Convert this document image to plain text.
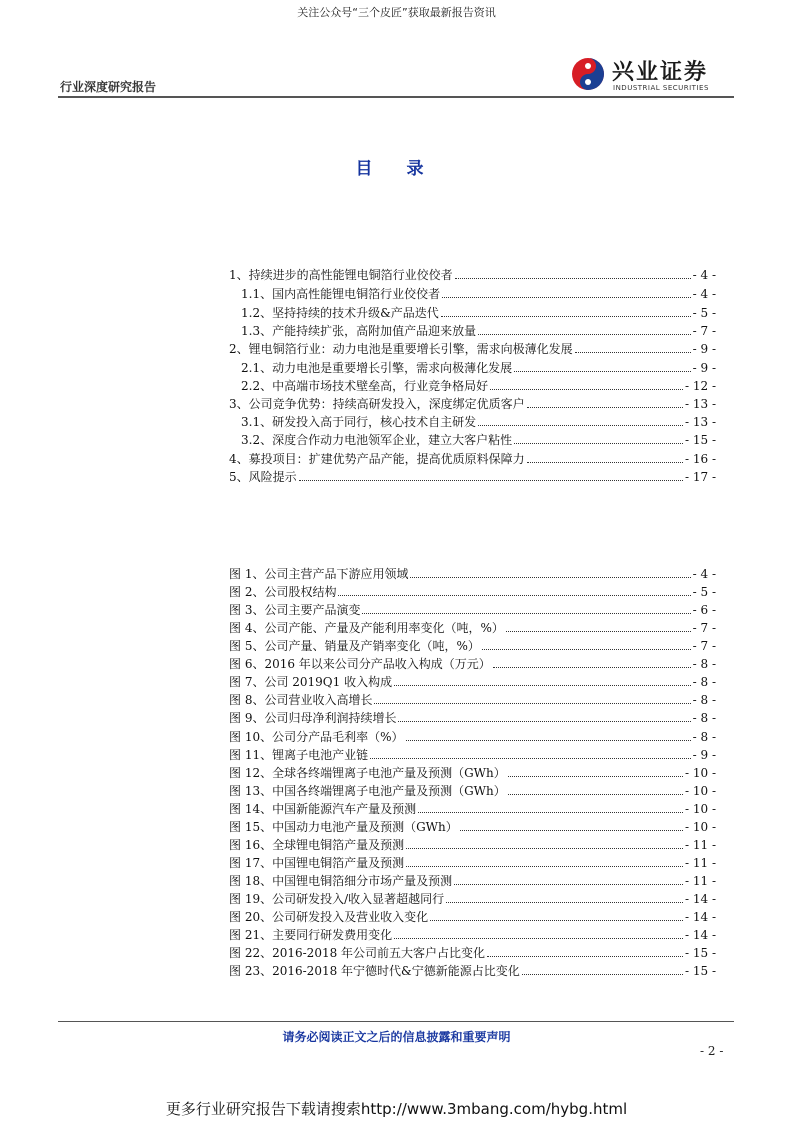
关注公众号“三个皮匠”获取最新报告资讯
行业深度研究报告
兴业证券
INDUSTRIAL SECURITIES
目 录
1、持续进步的高性能锂电铜箔行业佼佼者	- 4 -
1.1、国内高性能锂电铜箔行业佼佼者	- 4 -
1.2、坚持持续的技术升级&产品迭代	- 5 -
1.3、产能持续扩张，高附加值产品迎来放量	- 7 -
2、锂电铜箔行业：动力电池是重要增长引擎，需求向极薄化发展	- 9 -
2.1、动力电池是重要增长引擎，需求向极薄化发展	- 9 -
2.2、中高端市场技术壁垒高，行业竞争格局好	- 12 -
3、公司竞争优势：持续高研发投入，深度绑定优质客户	- 13 -
3.1、研发投入高于同行，核心技术自主研发	- 13 -
3.2、深度合作动力电池领军企业，建立大客户粘性	- 15 -
4、募投项目：扩建优势产品产能，提高优质原料保障力	- 16 -
5、风险提示	- 17 -
图 1、公司主营产品下游应用领域	- 4 -
图 2、公司股权结构	- 5 -
图 3、公司主要产品演变	- 6 -
图 4、公司产能、产量及产能利用率变化（吨，%）	- 7 -
图 5、公司产量、销量及产销率变化（吨，%）	- 7 -
图 6、2016 年以来公司分产品收入构成（万元）	- 8 -
图 7、公司 2019Q1 收入构成	- 8 -
图 8、公司营业收入高增长	- 8 -
图 9、公司归母净利润持续增长	- 8 -
图 10、公司分产品毛利率（%）	- 8 -
图 11、锂离子电池产业链	- 9 -
图 12、全球各终端锂离子电池产量及预测（GWh）	- 10 -
图 13、中国各终端锂离子电池产量及预测（GWh）	- 10 -
图 14、中国新能源汽车产量及预测	- 10 -
图 15、中国动力电池产量及预测（GWh）	- 10 -
图 16、全球锂电铜箔产量及预测	- 11 -
图 17、中国锂电铜箔产量及预测	- 11 -
图 18、中国锂电铜箔细分市场产量及预测	- 11 -
图 19、公司研发投入/收入显著超越同行	- 14 -
图 20、公司研发投入及营业收入变化	- 14 -
图 21、主要同行研发费用变化	- 14 -
图 22、2016-2018 年公司前五大客户占比变化	- 15 -
图 23、2016-2018 年宁德时代&宁德新能源占比变化	- 15 -
请务必阅读正文之后的信息披露和重要声明
- 2 -
更多行业研究报告下载请搜索http://www.3mbang.com/hybg.html
